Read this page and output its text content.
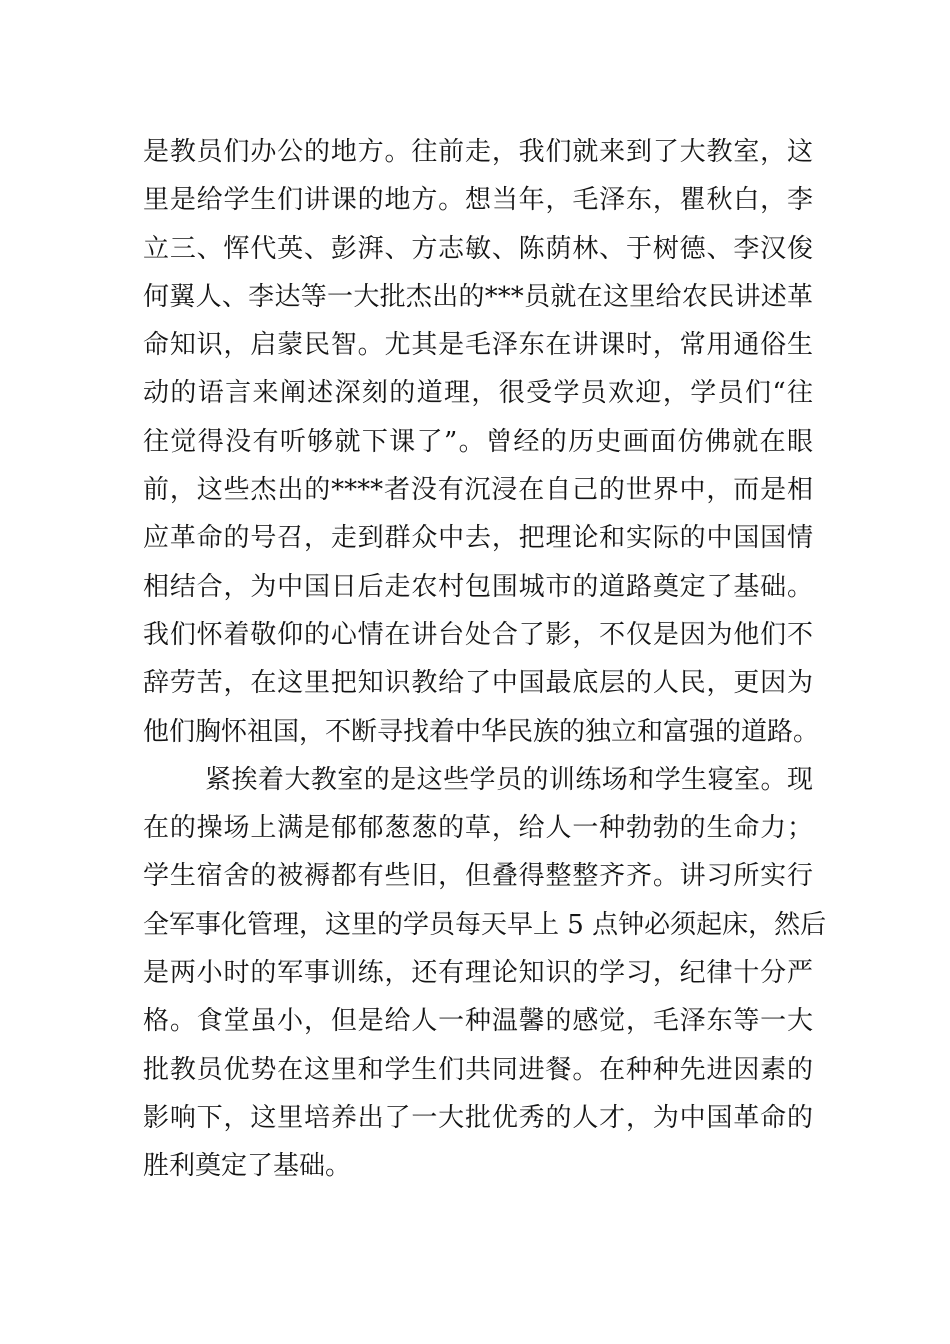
是教员们办公的地方。往前走，我们就来到了大教室，这
里是给学生们讲课的地方。想当年，毛泽东，瞿秋白，李
立三、恽代英、彭湃、方志敏、陈荫林、于树德、李汉俊
何翼人、李达等一大批杰出的***员就在这里给农民讲述革
命知识，启蒙民智。尤其是毛泽东在讲课时，常用通俗生
动的语言来阐述深刻的道理，很受学员欢迎，学员们“往
往觉得没有听够就下课了”。曾经的历史画面仿佛就在眼
前，这些杰出的****者没有沉浸在自己的世界中，而是相
应革命的号召，走到群众中去，把理论和实际的中国国情
相结合，为中国日后走农村包围城市的道路奠定了基础。
我们怀着敬仰的心情在讲台处合了影，不仅是因为他们不
辞劳苦，在这里把知识教给了中国最底层的人民，更因为
他们胸怀祖国，不断寻找着中华民族的独立和富强的道路。
紧挨着大教室的是这些学员的训练场和学生寝室。现
在的操场上满是郁郁葱葱的草，给人一种勃勃的生命力；
学生宿舍的被褥都有些旧，但叠得整整齐齐。讲习所实行
全军事化管理，这里的学员每天早上 5 点钟必须起床，然后
是两小时的军事训练，还有理论知识的学习，纪律十分严
格。食堂虽小，但是给人一种温馨的感觉，毛泽东等一大
批教员优势在这里和学生们共同进餐。在种种先进因素的
影响下，这里培养出了一大批优秀的人才，为中国革命的
胜利奠定了基础。
